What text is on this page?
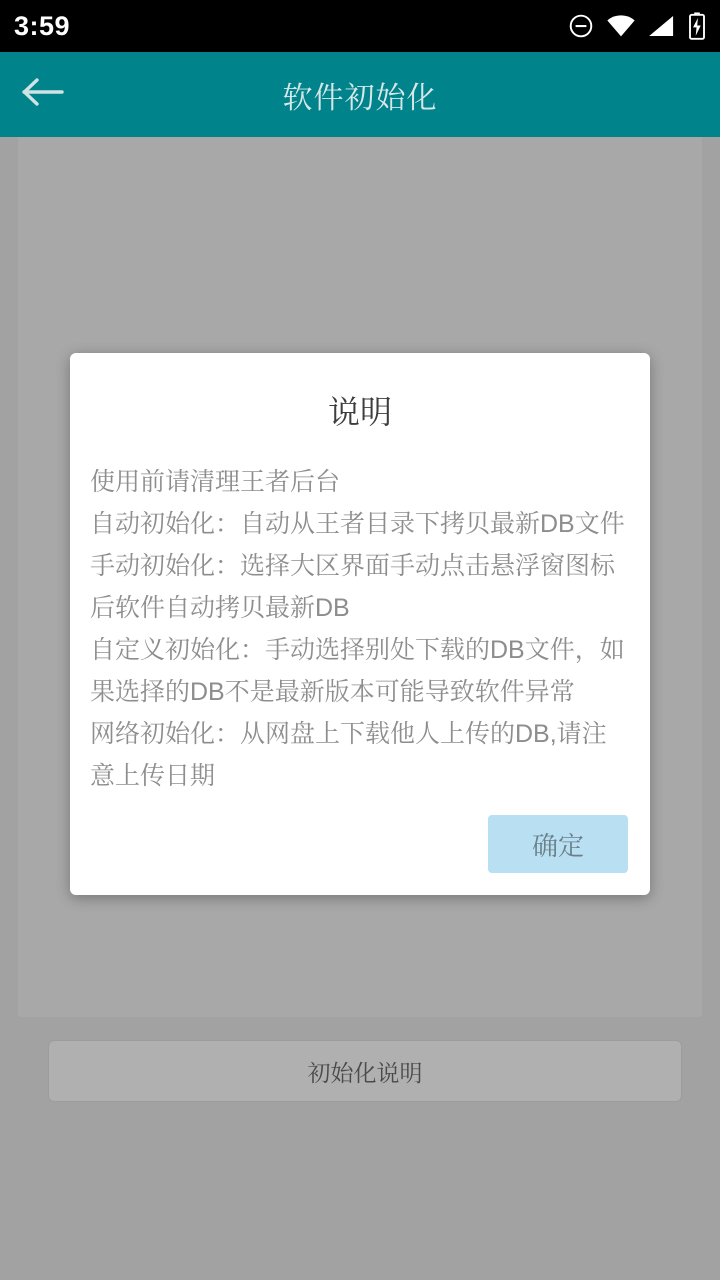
3:59
软件初始化
初始化说明
说明

使用前请清理王者后台

自动初始化：自动从王者目录下拷贝最新DB文件

手动初始化：选择大区界面手动点击悬浮窗图标后软件自动拷贝最新DB

自定义初始化：手动选择别处下载的DB文件，如果选择的DB不是最新版本可能导致软件异常

网络初始化：从网盘上下载他人上传的DB,请注意上传日期

确定
